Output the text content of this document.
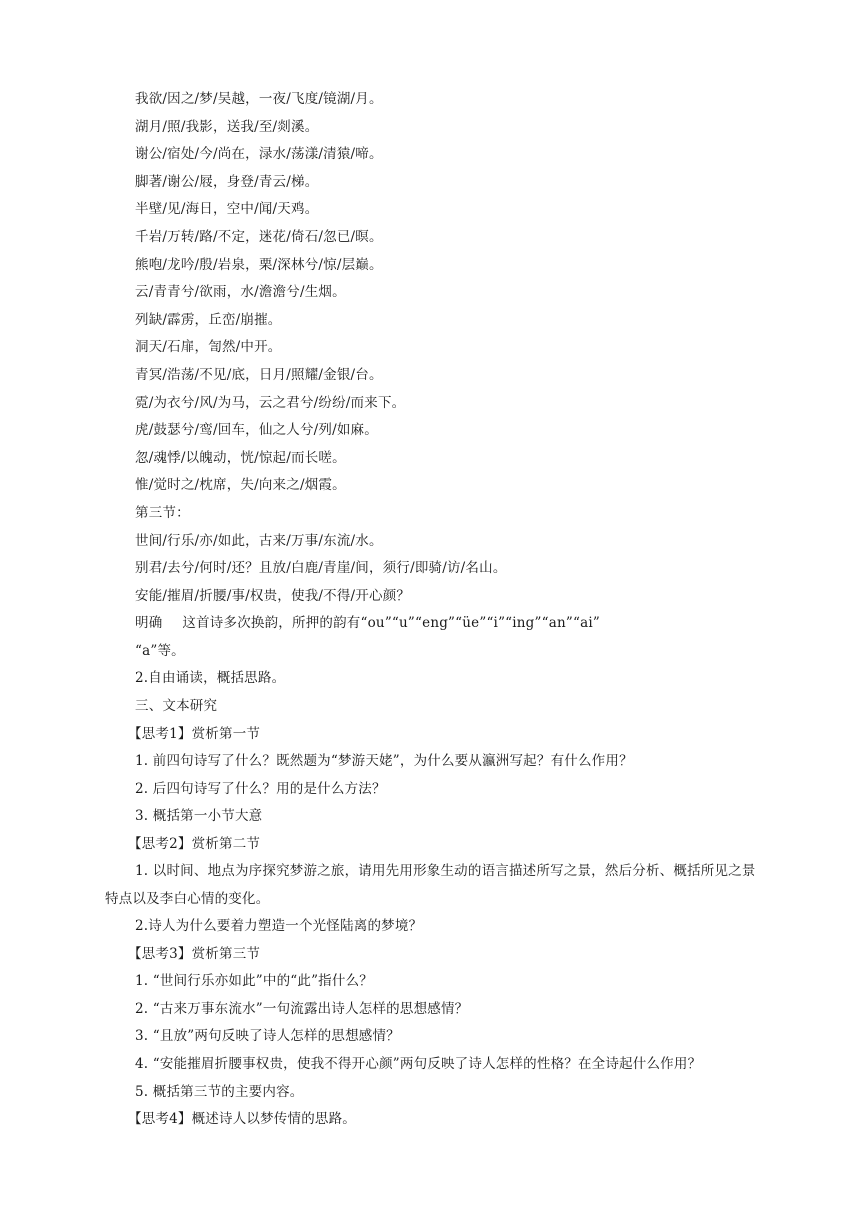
我欲/因之/梦/吴越，一夜/飞度/镜湖/月。
湖月/照/我影，送我/至/剡溪。
谢公/宿处/今/尚在，渌水/荡漾/清猿/啼。
脚著/谢公/屐，身登/青云/梯。
半壁/见/海日，空中/闻/天鸡。
千岩/万转/路/不定，迷花/倚石/忽已/暝。
熊咆/龙吟/殷/岩泉，栗/深林兮/惊/层巅。
云/青青兮/欲雨，水/澹澹兮/生烟。
列缺/霹雳，丘峦/崩摧。
洞天/石扉，訇然/中开。
青冥/浩荡/不见/底，日月/照耀/金银/台。
霓/为衣兮/风/为马，云之君兮/纷纷/而来下。
虎/鼓瑟兮/鸾/回车，仙之人兮/列/如麻。
忽/魂悸/以魄动，恍/惊起/而长嗟。
惟/觉时之/枕席，失/向来之/烟霞。
第三节：
世间/行乐/亦/如此，古来/万事/东流/水。
别君/去兮/何时/还？且放/白鹿/青崖/间，须行/即骑/访/名山。
安能/摧眉/折腰/事/权贵，使我/不得/开心颜？
明确 这首诗多次换韵，所押的韵有“ou”“u”“eng”“üe”“i”“ing”“an”“ai”
“a”等。
2.自由诵读，概括思路。
三、文本研究
【思考1】赏析第一节
1. 前四句诗写了什么？既然题为“梦游天姥”，为什么要从瀛洲写起？有什么作用？
2. 后四句诗写了什么？用的是什么方法？
3. 概括第一小节大意
【思考2】赏析第二节
1. 以时间、地点为序探究梦游之旅，请用先用形象生动的语言描述所写之景，然后分析、概括所见之景特点以及李白心情的变化。
2.诗人为什么要着力塑造一个光怪陆离的梦境？
【思考3】赏析第三节
1. “世间行乐亦如此”中的“此”指什么？
2. “古来万事东流水”一句流露出诗人怎样的思想感情？
3. “且放”两句反映了诗人怎样的思想感情？
4. “安能摧眉折腰事权贵，使我不得开心颜”两句反映了诗人怎样的性格？在全诗起什么作用？
5. 概括第三节的主要内容。
【思考4】概述诗人以梦传情的思路。
